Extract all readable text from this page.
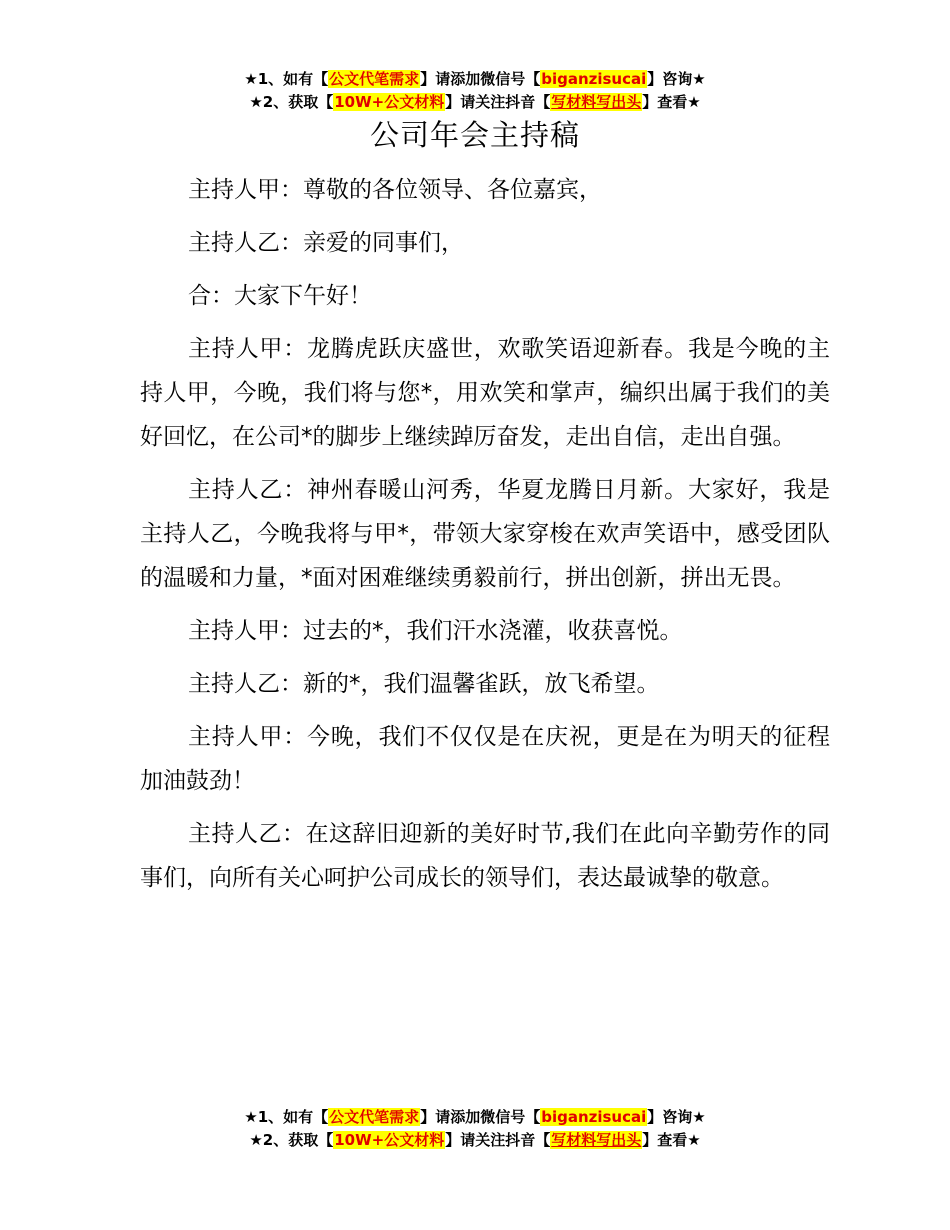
★1、如有【公文代笔需求】请添加微信号【biganzisucai】咨询★
★2、获取【10W+公文材料】请关注抖音【写材料写出头】查看★
公司年会主持稿

主持人甲：尊敬的各位领导、各位嘉宾，

主持人乙：亲爱的同事们，

合：大家下午好！

主持人甲：龙腾虎跃庆盛世，欢歌笑语迎新春。我是今晚的主持人甲，今晚，我们将与您*，用欢笑和掌声，编织出属于我们的美好回忆，在公司*的脚步上继续踔厉奋发，走出自信，走出自强。

主持人乙：神州春暖山河秀，华夏龙腾日月新。大家好，我是主持人乙，今晚我将与甲*，带领大家穿梭在欢声笑语中，感受团队的温暖和力量，*面对困难继续勇毅前行，拼出创新，拼出无畏。

主持人甲：过去的*，我们汗水浇灌，收获喜悦。

主持人乙：新的*，我们温馨雀跃，放飞希望。

主持人甲：今晚，我们不仅仅是在庆祝，更是在为明天的征程加油鼓劲！

主持人乙：在这辞旧迎新的美好时节,我们在此向辛勤劳作的同事们，向所有关心呵护公司成长的领导们，表达最诚挚的敬意。

★1、如有【公文代笔需求】请添加微信号【biganzisucai】咨询★
★2、获取【10W+公文材料】请关注抖音【写材料写出头】查看★
